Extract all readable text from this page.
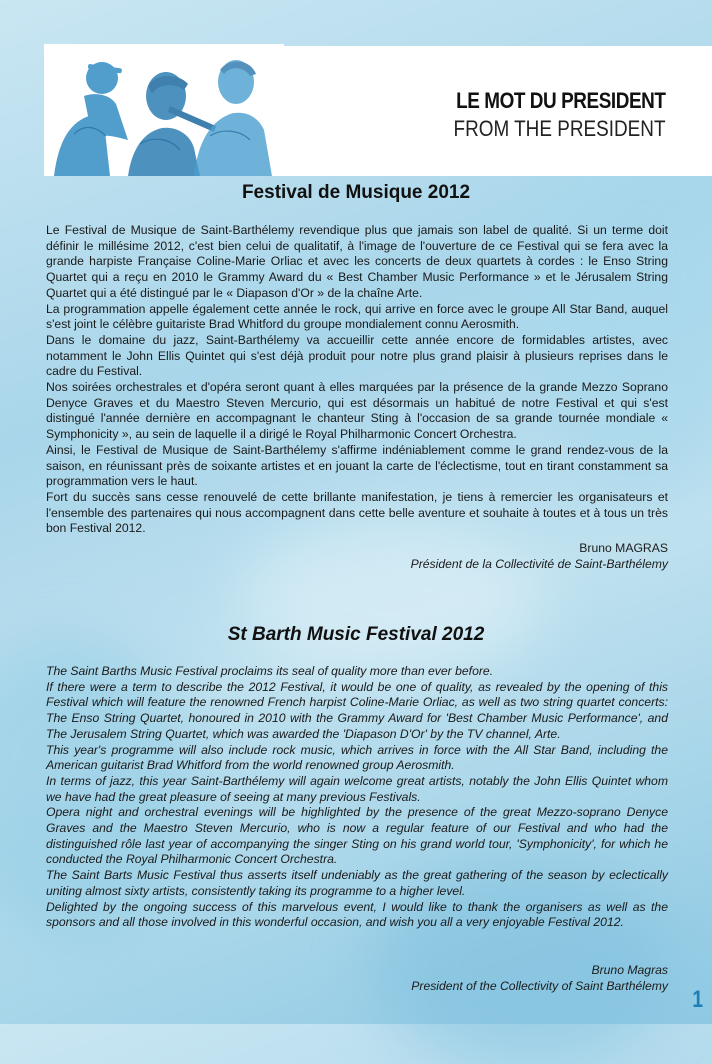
LE MOT DU PRESIDENT
FROM THE PRESIDENT
Festival de Musique 2012

Le Festival de Musique de Saint-Barthélemy revendique plus que jamais son label de qualité. Si un terme doit définir le millésime 2012, c'est bien celui de qualitatif, à l'image de l'ouverture de ce Festival qui se fera avec la grande harpiste Française Coline-Marie Orliac et avec les concerts de deux quartets à cordes : le Enso String Quartet qui a reçu en 2010 le Grammy Award du « Best Chamber Music Performance » et le Jérusalem String Quartet qui a été distingué par le « Diapason d'Or » de la chaîne Arte.

La programmation appelle également cette année le rock, qui arrive en force avec le groupe All Star Band, auquel s'est joint le célèbre guitariste Brad Whitford du groupe mondialement connu Aerosmith.

Dans le domaine du jazz, Saint-Barthélemy va accueillir cette année encore de formidables artistes, avec notamment le John Ellis Quintet qui s'est déjà produit pour notre plus grand plaisir à plusieurs reprises dans le cadre du Festival.

Nos soirées orchestrales et d'opéra seront quant à elles marquées par la présence de la grande Mezzo Soprano Denyce Graves et du Maestro Steven Mercurio, qui est désormais un habitué de notre Festival et qui s'est distingué l'année dernière en accompagnant le chanteur Sting à l'occasion de sa grande tournée mondiale « Symphonicity », au sein de laquelle il a dirigé le Royal Philharmonic Concert Orchestra.

Ainsi, le Festival de Musique de Saint-Barthélemy s'affirme indéniablement comme le grand rendez-vous de la saison, en réunissant près de soixante artistes et en jouant la carte de l'éclectisme, tout en tirant constamment sa programmation vers le haut.

Fort du succès sans cesse renouvelé de cette brillante manifestation, je tiens à remercier les organisateurs et l'ensemble des partenaires qui nous accompagnent dans cette belle aventure et souhaite à toutes et à tous un très bon Festival 2012.

Bruno MAGRAS
Président de la Collectivité de Saint-Barthélemy
St Barth Music Festival 2012

The Saint Barths Music Festival proclaims its seal of quality more than ever before.

If there were a term to describe the 2012 Festival, it would be one of quality, as revealed by the opening of this Festival which will feature the renowned French harpist Coline-Marie Orliac, as well as two string quartet concerts: The Enso String Quartet, honoured in 2010 with the Grammy Award for 'Best Chamber Music Performance', and The Jerusalem String Quartet, which was awarded the 'Diapason D'Or' by the TV channel, Arte.

This year's programme will also include rock music, which arrives in force with the All Star Band, including the American guitarist Brad Whitford from the world renowned group Aerosmith.

In terms of jazz, this year Saint-Barthélemy will again welcome great artists, notably the John Ellis Quintet whom we have had the great pleasure of seeing at many previous Festivals.

Opera night and orchestral evenings will be highlighted by the presence of the great Mezzo-soprano Denyce Graves and the Maestro Steven Mercurio, who is now a regular feature of our Festival and who had the distinguished rôle last year of accompanying the singer Sting on his grand world tour, 'Symphonicity', for which he conducted the Royal Philharmonic Concert Orchestra.

The Saint Barts Music Festival thus asserts itself undeniably as the great gathering of the season by eclectically uniting almost sixty artists, consistently taking its programme to a higher level.

Delighted by the ongoing success of this marvelous event, I would like to thank the organisers as well as the sponsors and all those involved in this wonderful occasion, and wish you all a very enjoyable Festival 2012.

Bruno Magras
President of the Collectivity of Saint Barthélemy 1
